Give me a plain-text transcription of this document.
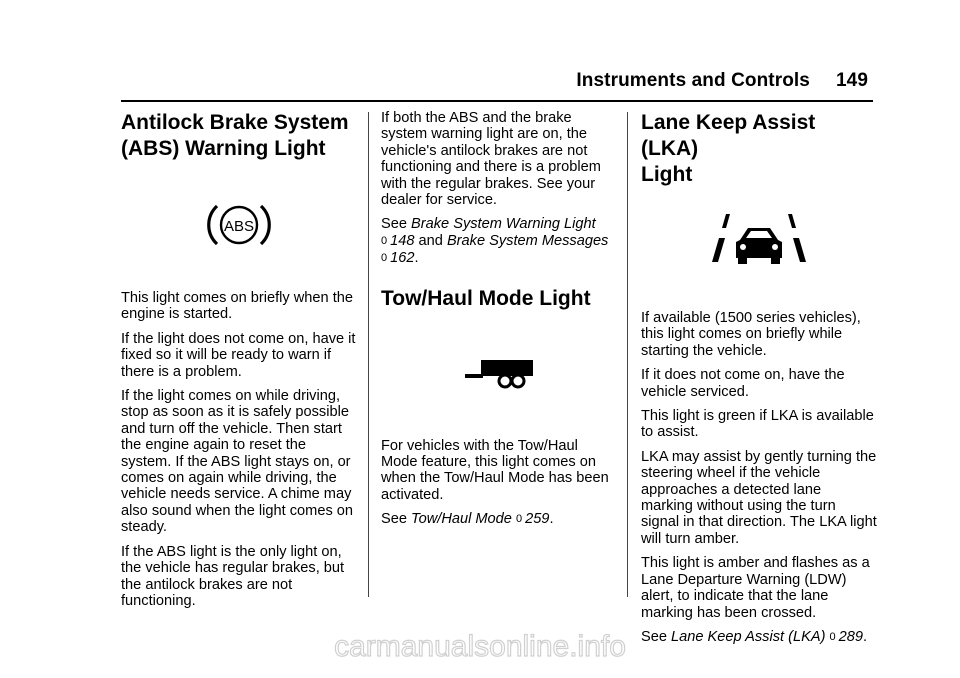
Instruments and Controls 149
Antilock Brake System
(ABS) Warning Light
ABS

This light comes on briefly when the engine is started.

If the light does not come on, have it fixed so it will be ready to warn if there is a problem.

If the light comes on while driving, stop as soon as it is safely possible and turn off the vehicle. Then start the engine again to reset the system. If the ABS light stays on, or comes on again while driving, the vehicle needs service. A chime may also sound when the light comes on steady.

If the ABS light is the only light on, the vehicle has regular brakes, but the antilock brakes are not functioning.

If both the ABS and the brake system warning light are on, the vehicle's antilock brakes are not functioning and there is a problem with the regular brakes. See your dealer for service.

See Brake System Warning Light
0 148 and Brake System Messages
0 162.

Tow/Haul Mode Light

For vehicles with the Tow/Haul Mode feature, this light comes on when the Tow/Haul Mode has been activated.

See Tow/Haul Mode 0 259.

Lane Keep Assist (LKA)
Light

If available (1500 series vehicles), this light comes on briefly while starting the vehicle.

If it does not come on, have the vehicle serviced.

This light is green if LKA is available to assist.

LKA may assist by gently turning the steering wheel if the vehicle approaches a detected lane marking without using the turn signal in that direction. The LKA light will turn amber.

This light is amber and flashes as a Lane Departure Warning (LDW) alert, to indicate that the lane marking has been crossed.

See Lane Keep Assist (LKA) 0 289.

carmanualsonline.info
